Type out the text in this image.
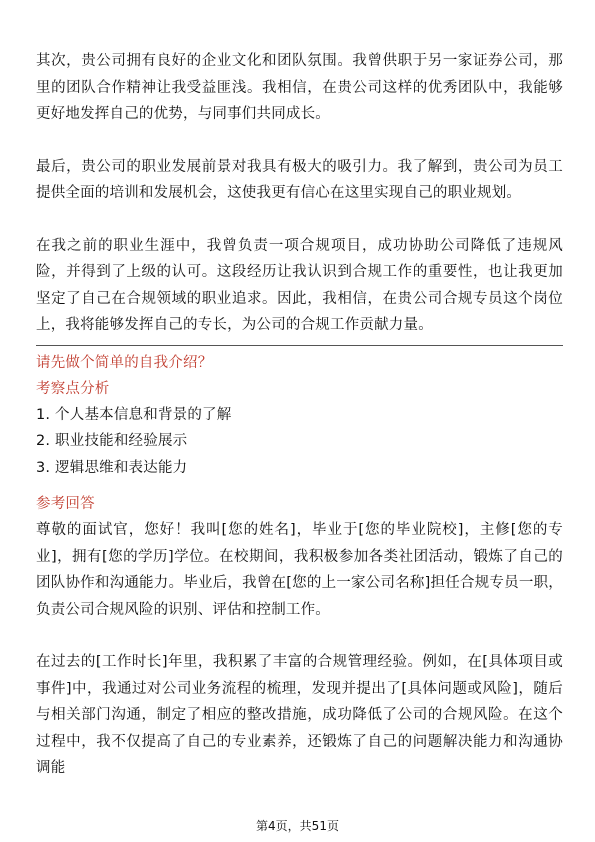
其次，贵公司拥有良好的企业文化和团队氛围。我曾供职于另一家证券公司，那里的团队合作精神让我受益匪浅。我相信，在贵公司这样的优秀团队中，我能够更好地发挥自己的优势，与同事们共同成长。

最后，贵公司的职业发展前景对我具有极大的吸引力。我了解到，贵公司为员工提供全面的培训和发展机会，这使我更有信心在这里实现自己的职业规划。

在我之前的职业生涯中，我曾负责一项合规项目，成功协助公司降低了违规风险，并得到了上级的认可。这段经历让我认识到合规工作的重要性，也让我更加坚定了自己在合规领域的职业追求。因此，我相信，在贵公司合规专员这个岗位上，我将能够发挥自己的专长，为公司的合规工作贡献力量。

请先做个简单的自我介绍？

考察点分析

1. 个人基本信息和背景的了解

2. 职业技能和经验展示

3. 逻辑思维和表达能力

参考回答

尊敬的面试官，您好！我叫[您的姓名]，毕业于[您的毕业院校]，主修[您的专业]，拥有[您的学历]学位。在校期间，我积极参加各类社团活动，锻炼了自己的团队协作和沟通能力。毕业后，我曾在[您的上一家公司名称]担任合规专员一职，负责公司合规风险的识别、评估和控制工作。

在过去的[工作时长]年里，我积累了丰富的合规管理经验。例如，在[具体项目或事件]中，我通过对公司业务流程的梳理，发现并提出了[具体问题或风险]，随后与相关部门沟通，制定了相应的整改措施，成功降低了公司的合规风险。在这个过程中，我不仅提高了自己的专业素养，还锻炼了自己的问题解决能力和沟通协调能

第4页，共51页
